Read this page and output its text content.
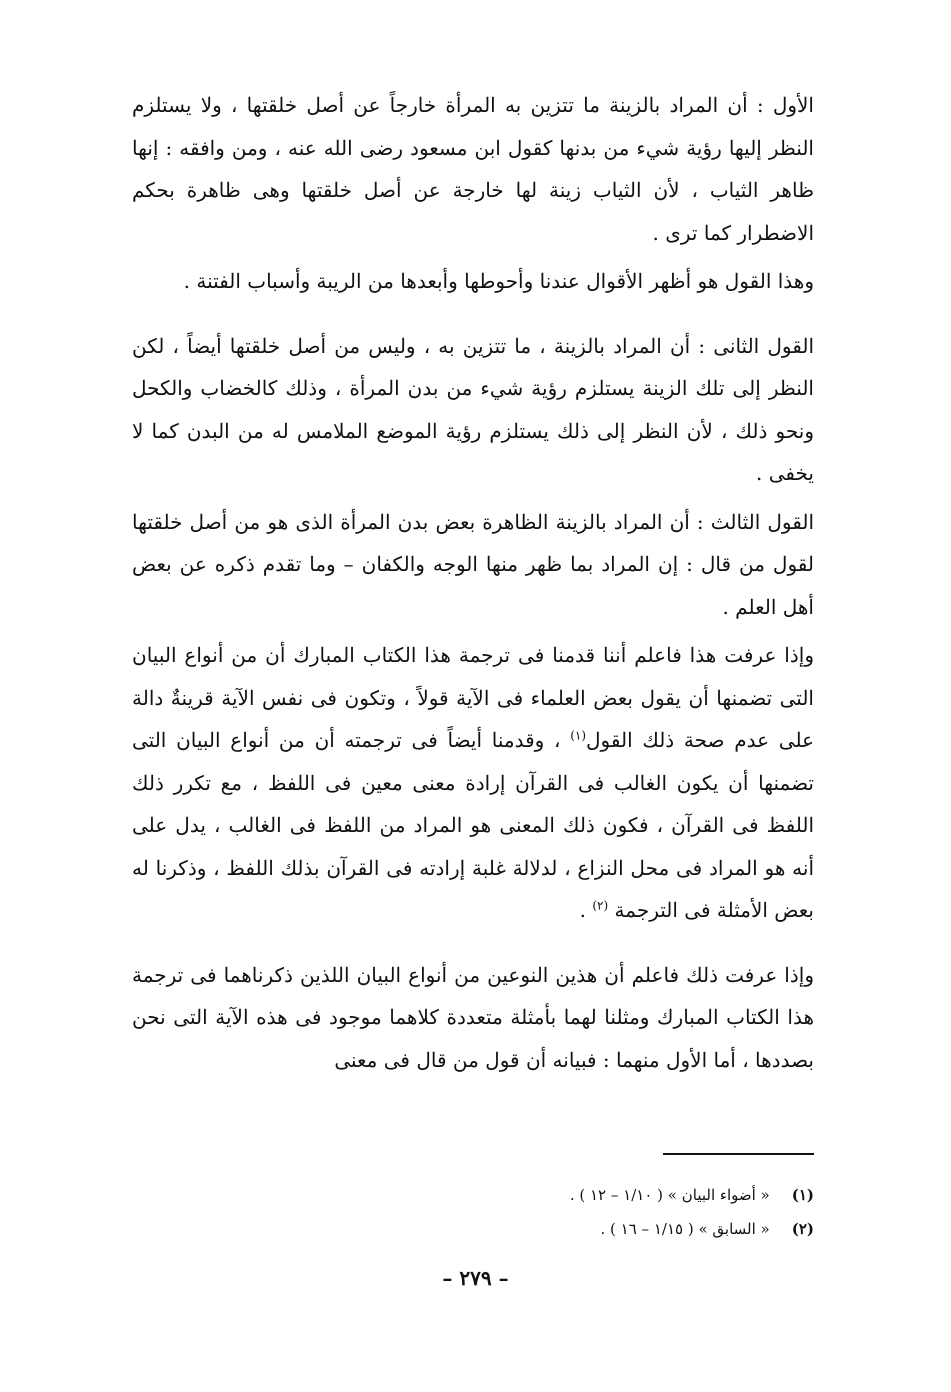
الأول : أن المراد بالزينة ما تتزين به المرأة خارجاً عن أصل خلقتها ، ولا يستلزم النظر إليها رؤية شيء من بدنها كقول ابن مسعود رضى الله عنه ، ومن وافقه : إنها ظاهر الثياب ، لأن الثياب زينة لها خارجة عن أصل خلقتها وهى ظاهرة بحكم الاضطرار كما ترى .

وهذا القول هو أظهر الأقوال عندنا وأحوطها وأبعدها من الريبة وأسباب الفتنة .

القول الثانى : أن المراد بالزينة ، ما تتزين به ، وليس من أصل خلقتها أيضاً ، لكن النظر إلى تلك الزينة يستلزم رؤية شيء من بدن المرأة ، وذلك كالخضاب والكحل ونحو ذلك ، لأن النظر إلى ذلك يستلزم رؤية الموضع الملامس له من البدن كما لا يخفى .

القول الثالث : أن المراد بالزينة الظاهرة بعض بدن المرأة الذى هو من أصل خلقتها لقول من قال : إن المراد بما ظهر منها الوجه والكفان – وما تقدم ذكره عن بعض أهل العلم .

وإذا عرفت هذا فاعلم أننا قدمنا فى ترجمة هذا الكتاب المبارك أن من أنواع البيان التى تضمنها أن يقول بعض العلماء فى الآية قولاً ، وتكون فى نفس الآية قرينةٌ دالة على عدم صحة ذلك القول$^{(١)}$ ، وقدمنا أيضاً فى ترجمته أن من أنواع البيان التى تضمنها أن يكون الغالب فى القرآن إرادة معنى معين فى اللفظ ، مع تكرر ذلك اللفظ فى القرآن ، فكون ذلك المعنى هو المراد من اللفظ فى الغالب ، يدل على أنه هو المراد فى محل النزاع ، لدلالة غلبة إرادته فى القرآن بذلك اللفظ ، وذكرنا له بعض الأمثلة فى الترجمة $^{(٢)}$ .

وإذا عرفت ذلك فاعلم أن هذين النوعين من أنواع البيان اللذين ذكرناهما فى ترجمة هذا الكتاب المبارك ومثلنا لهما بأمثلة متعددة كلاهما موجود فى هذه الآية التى نحن بصددها ، أما الأول منهما : فبيانه أن قول من قال فى معنى

(١)« أضواء البيان » ( ١/١٠ – ١٢ ) .

(٢)« السابق » ( ١/١٥ – ١٦ ) .

– ٢٧٩ –
